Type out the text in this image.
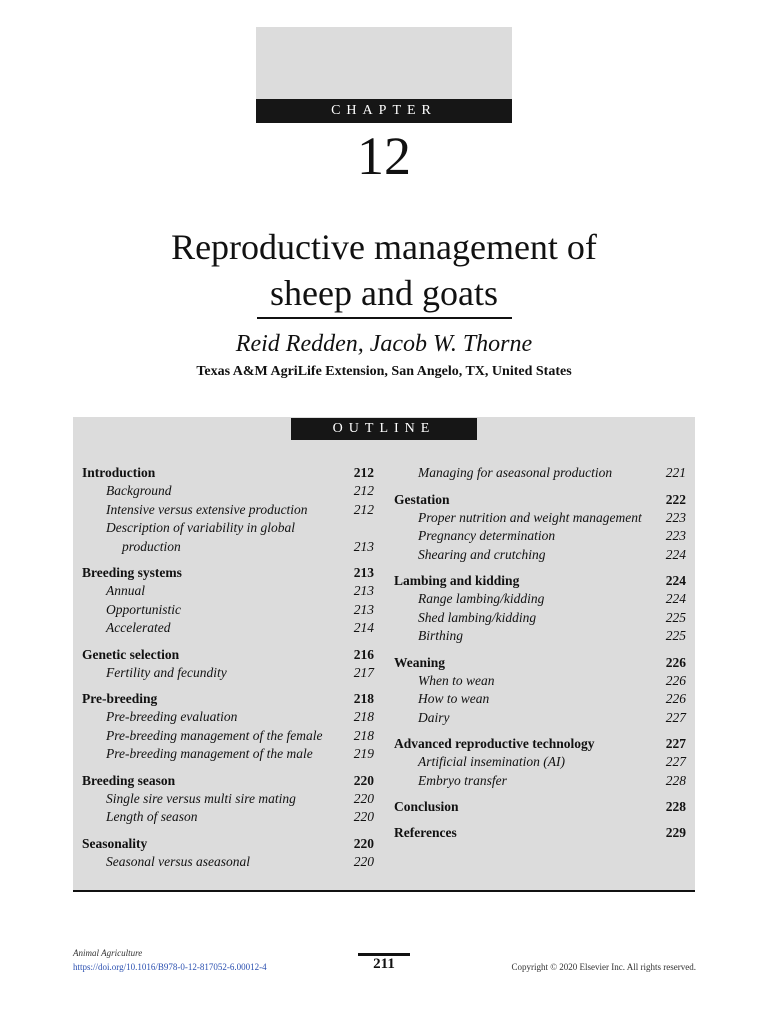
CHAPTER
12
Reproductive management of
sheep and goats
Reid Redden, Jacob W. Thorne
Texas A&M AgriLife Extension, San Angelo, TX, United States
OUTLINE
Introduction	212
Background	212
Intensive versus extensive production	212
Description of variability in global
production	213
Breeding systems	213
Annual	213
Opportunistic	213
Accelerated	214
Genetic selection	216
Fertility and fecundity	217
Pre-breeding	218
Pre-breeding evaluation	218
Pre-breeding management of the female 218
Pre-breeding management of the male	219
Breeding season	220
Single sire versus multi sire mating	220
Length of season	220
Seasonality	220
Seasonal versus aseasonal	220
Managing for aseasonal production	221
Gestation	222
Proper nutrition and weight management 223
Pregnancy determination	223
Shearing and crutching	224
Lambing and kidding	224
Range lambing/kidding	224
Shed lambing/kidding	225
Birthing	225
Weaning	226
When to wean	226
How to wean	226
Dairy	227
Advanced reproductive technology	227
Artificial insemination (AI)	227
Embryo transfer	228
Conclusion	228
References	229
Animal Agriculture
https://doi.org/10.1016/B978-0-12-817052-6.00012-4	211	Copyright © 2020 Elsevier Inc. All rights reserved.
